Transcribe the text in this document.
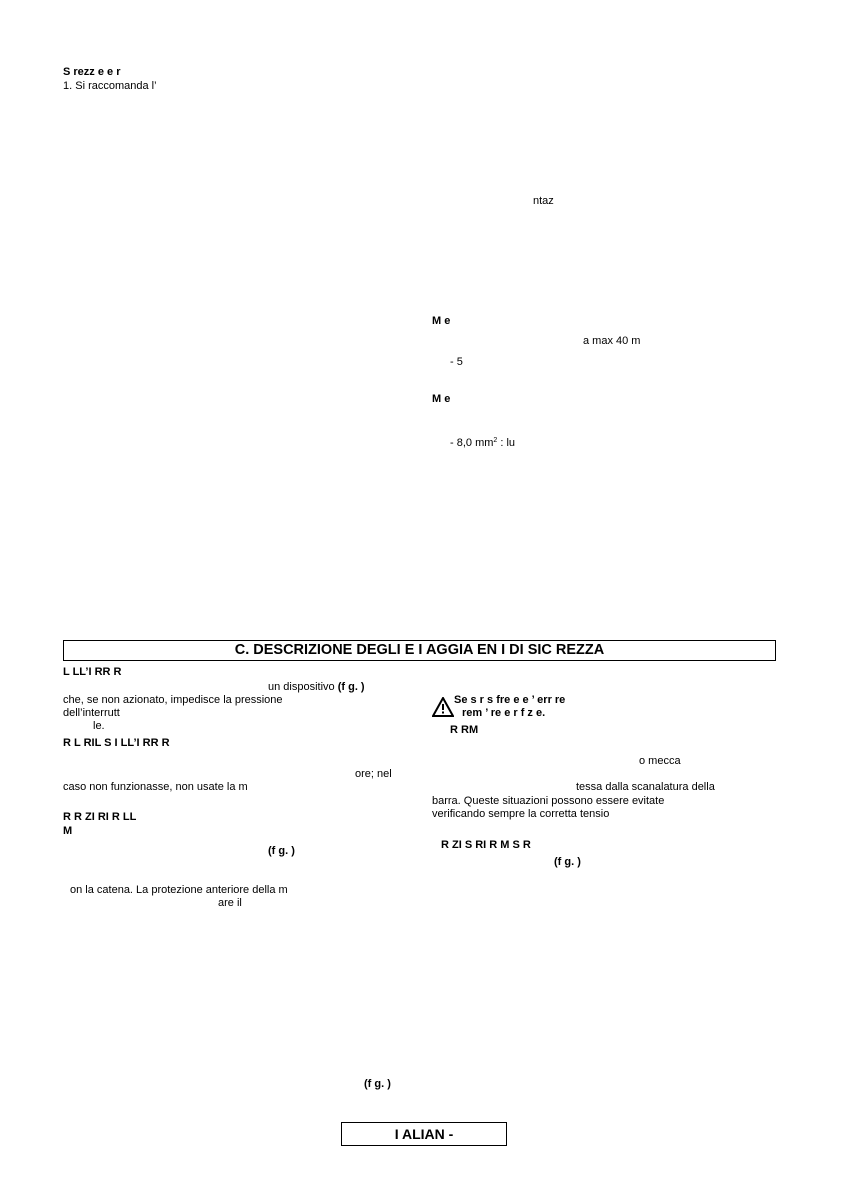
S rezz e e r
1. Si raccomanda l’
ntaz
M e
a max 40 m
- 5
M e
- 8,0 $mm^2$ : lu
C. DESCRIZIONE DEGLI E I AGGIA EN I DI SIC REZZA
L LL’I RR R
un dispositivo (f g. )
che, se non azionato, impedisce la pressione
dell’interrutt
le.
R L RIL S I LL’I RR R
ore; nel
caso non funzionasse, non usate la m
R R ZI RI R LL
M
(f g. )
on la catena. La protezione anteriore della m
are il
(f g. )
Se s r s fre e e ’ err re
rem ’ re e r f z e.
R RM
o mecca
tessa dalla scanalatura della
barra. Queste situazioni possono essere evitate
verificando sempre la corretta tensio
R ZI S RI R M S R
(f g. )
I ALIAN -
